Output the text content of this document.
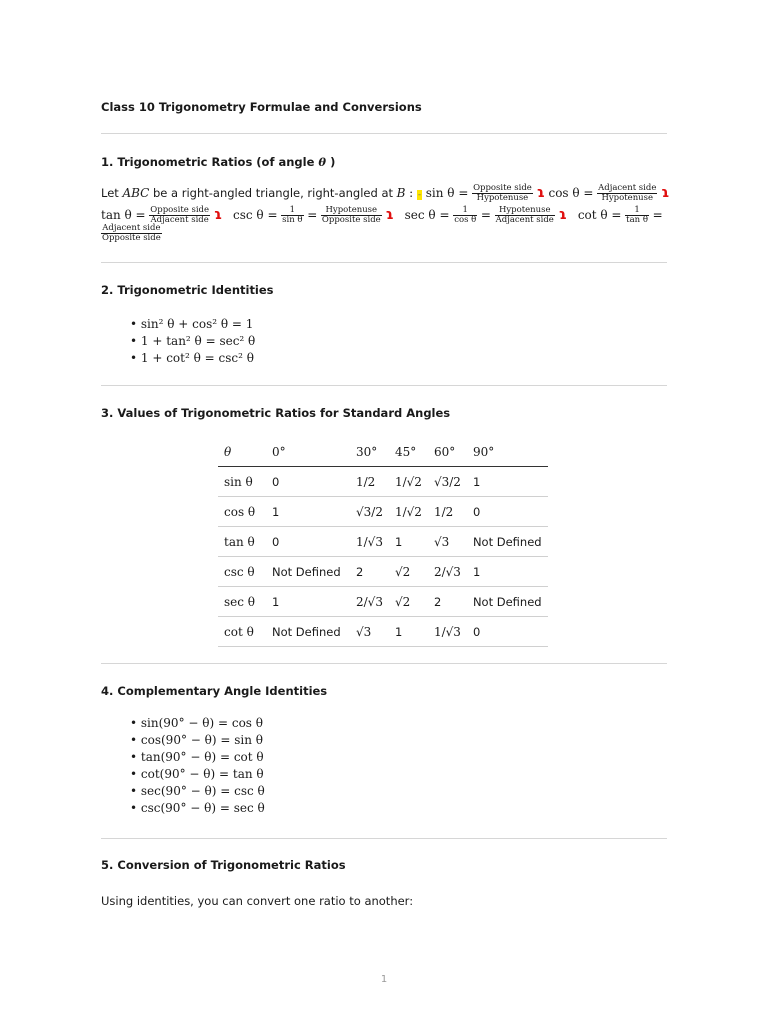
Class 10 Trigonometry Formulae and Conversions
1. Trigonometric Ratios (of angle θ )
Let ABC be a right-angled triangle, right-angled at B : - $\sin \theta = \frac{\text{Opposite side}}{\text{Hypotenuse}}$ ɿ $\cos \theta = \frac{\text{Adjacent side}}{\text{Hypotenuse}}$ ɿ
$\tan \theta = \frac{\text{Opposite side}}{\text{Adjacent side}}$ ɿ $\csc \theta = \frac{1}{\text{sin θ}} = \frac{\text{Hypotenuse}}{\text{Opposite side}}$ ɿ $\sec \theta = \frac{1}{\text{cos θ}} = \frac{\text{Hypotenuse}}{\text{Adjacent side}}$ ɿ $\cot \theta = \frac{1}{\text{tan θ}}$ =
$\frac{\text{Adjacent side}}{\text{Opposite side}}$
2. Trigonometric Identities
• sin² θ + cos² θ = 1
• 1 + tan² θ = sec² θ
• 1 + cot² θ = csc² θ
3. Values of Trigonometric Ratios for Standard Angles
θ	0°	30°	45°	60°	90°
sin θ	0	1/2	1/√2	√3/2	1
cos θ	1	√3/2	1/√2	1/2	0
tan θ	0	1/√3	1	√3	Not Defined
csc θ	Not Defined	2	√2	2/√3	1
sec θ	1	2/√3	√2	2	Not Defined
cot θ	Not Defined	√3	1	1/√3	0
4. Complementary Angle Identities
• sin(90° − θ) = cos θ
• cos(90° − θ) = sin θ
• tan(90° − θ) = cot θ
• cot(90° − θ) = tan θ
• sec(90° − θ) = csc θ
• csc(90° − θ) = sec θ
5. Conversion of Trigonometric Ratios
Using identities, you can convert one ratio to another:
1
